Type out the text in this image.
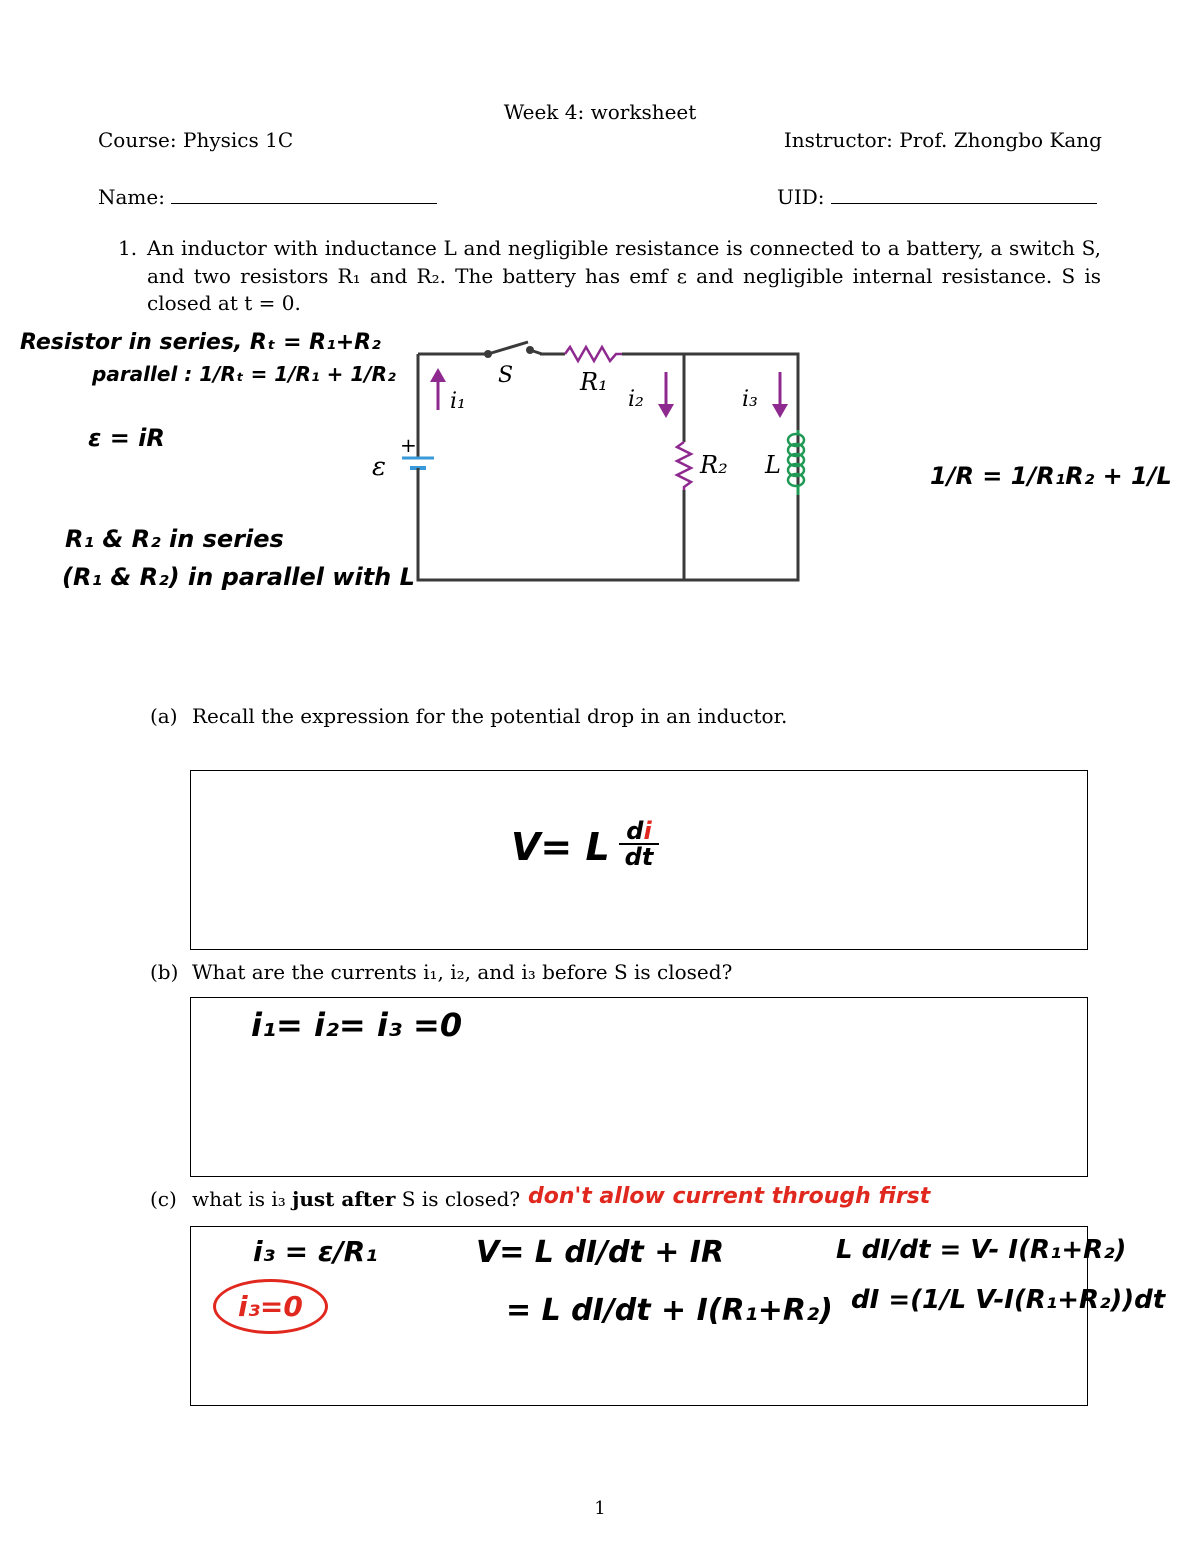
Week 4: worksheet
Course: Physics 1C	Instructor: Prof. Zhongbo Kang
Name:	UID:
1. An inductor with inductance L and negligible resistance is connected to a battery, a switch S,
and two resistors R₁ and R₂. The battery has emf ε and negligible internal resistance. S is
closed at t = 0.
S	R₁
R₂ L
+
ε
i₁	i₂	i₃
Resistor in series, Rₜ = R₁+R₂
parallel : 1/Rₜ = 1/R₁ + 1/R₂
ε = iR
R₁ & R₂ in series
(R₁ & R₂) in parallel with L
1/R = 1/R₁R₂ + 1/L
(a) Recall the expression for the potential drop in an inductor.
V= L di
dt
(b) What are the currents i₁, i₂, and i₃ before S is closed?
i₁= i₂= i₃ =0
(c) what is i₃ just after S is closed? don't allow current through first
i₃ = ε/R₁
i₃=0
V= L dI/dt + IR
= L dI/dt + I(R₁+R₂)
L dI/dt = V- I(R₁+R₂)
dI =(1/L V-I(R₁+R₂))dt
1
